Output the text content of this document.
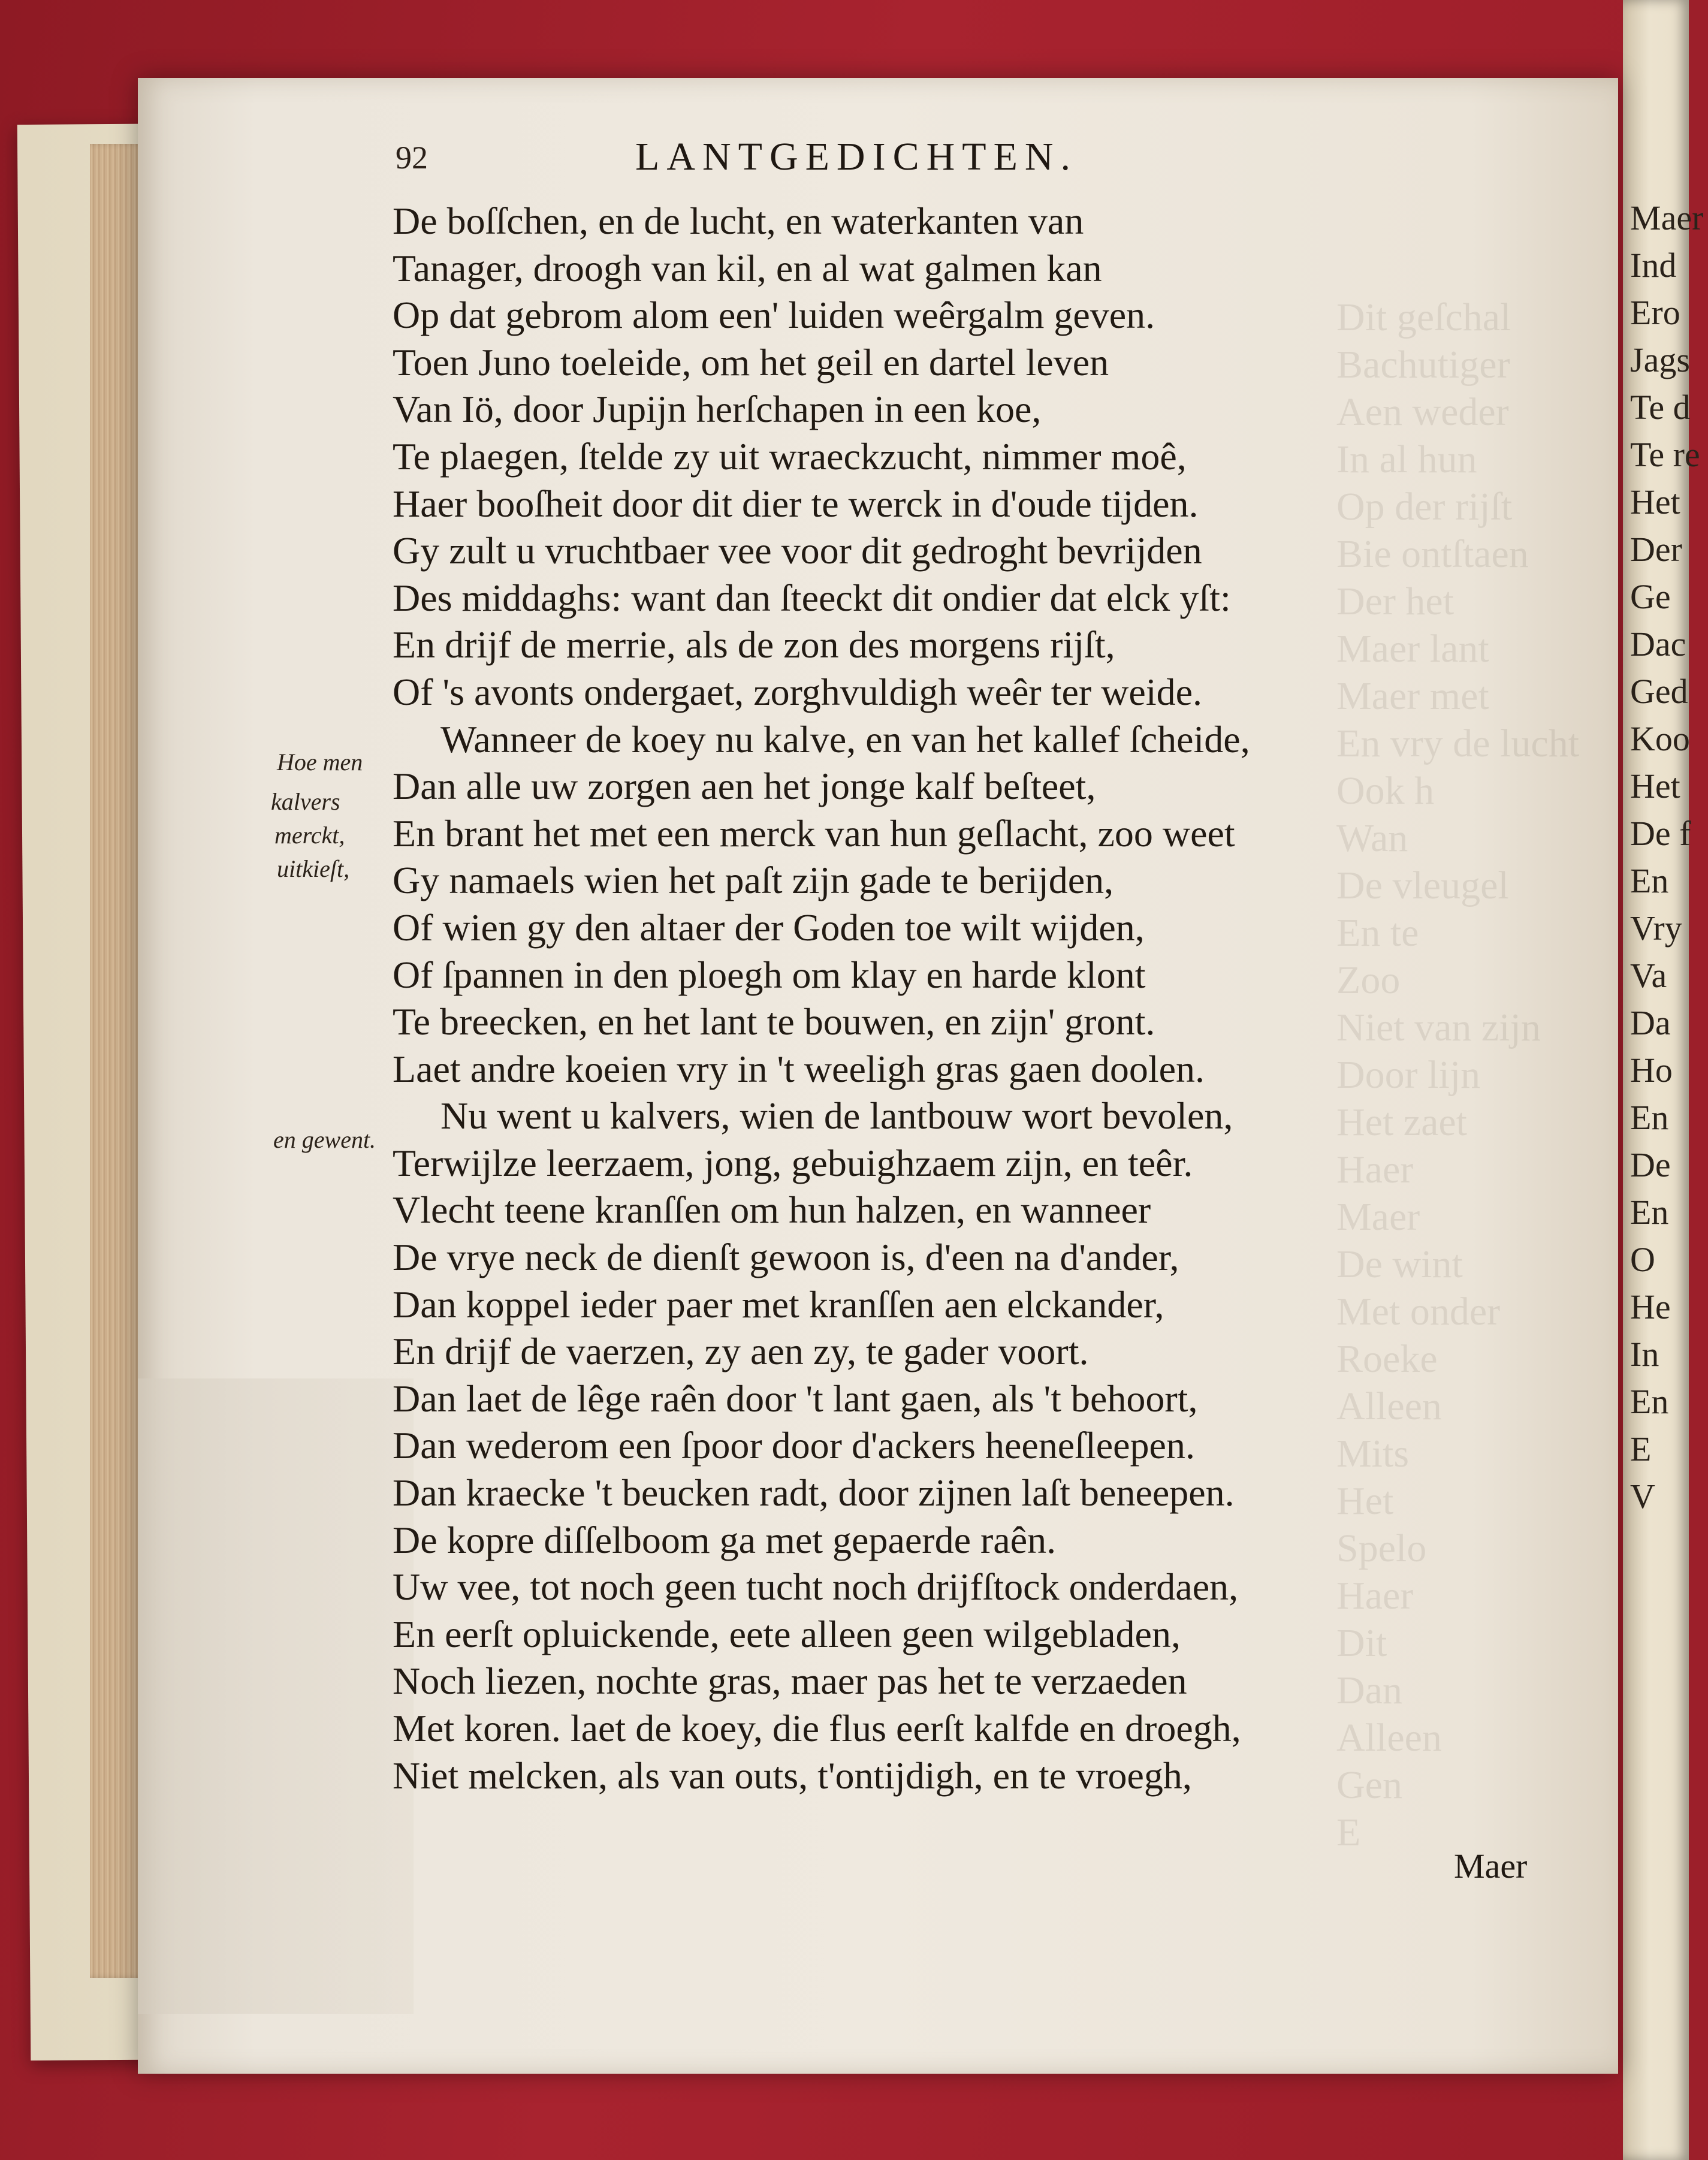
Maer
Ind
Ero
Jags
Te d
Te re
Het
Der
Ge
Dac
Ged
Koo
Het
De f
En
Vry
Va
Da
Ho
En
De
En
O
He
In
En
E
V
Dit geſchal
Bachutiger
Aen weder
In al hun
Op der rijſt
Bie ontſtaen
Der het
Maer lant
Maer met
En vry de lucht
Ook h
Wan
De vleugel
En te
Zoo
Niet van zijn
Door lijn
Het zaet
Haer
Maer
De wint
Met onder
Roeke
Alleen
Mits
Het
Spelo
Haer
Dit
Dan
Alleen
Gen
E
92	LANTGEDICHTEN.
Hoe men
kalvers
merckt,
uitkieſt,
en gewent.
De boſſchen, en de lucht, en waterkanten van
Tanager, droogh van kil, en al wat galmen kan
Op dat gebrom alom een' luiden weêrgalm geven.
Toen Juno toeleide, om het geil en dartel leven
Van Iö, door Jupijn herſchapen in een koe,
Te plaegen, ſtelde zy uit wraeckzucht, nimmer moê,
Haer booſheit door dit dier te werck in d'oude tijden.
Gy zult u vruchtbaer vee voor dit gedroght bevrijden
Des middaghs: want dan ſteeckt dit ondier dat elck yſt:
En drijf de merrie, als de zon des morgens rijſt,
Of 's avonts ondergaet, zorghvuldigh weêr ter weide.
Wanneer de koey nu kalve, en van het kallef ſcheide,
Dan alle uw zorgen aen het jonge kalf beſteet,
En brant het met een merck van hun geſlacht, zoo weet
Gy namaels wien het paſt zijn gade te berijden,
Of wien gy den altaer der Goden toe wilt wijden,
Of ſpannen in den ploegh om klay en harde klont
Te breecken, en het lant te bouwen, en zijn' gront.
Laet andre koeien vry in 't weeligh gras gaen doolen.
Nu went u kalvers, wien de lantbouw wort bevolen,
Terwijlze leerzaem, jong, gebuighzaem zijn, en teêr.
Vlecht teene kranſſen om hun halzen, en wanneer
De vrye neck de dienſt gewoon is, d'een na d'ander,
Dan koppel ieder paer met kranſſen aen elckander,
En drijf de vaerzen, zy aen zy, te gader voort.
Dan laet de lêge raên door 't lant gaen, als 't behoort,
Dan wederom een ſpoor door d'ackers heeneſleepen.
Dan kraecke 't beucken radt, door zijnen laſt beneepen.
De kopre diſſelboom ga met gepaerde raên.
Uw vee, tot noch geen tucht noch drijfſtock onderdaen,
En eerſt opluickende, eete alleen geen wilgebladen,
Noch liezen, nochte gras, maer pas het te verzaeden
Met koren. laet de koey, die flus eerſt kalfde en droegh,
Niet melcken, als van outs, t'ontijdigh, en te vroegh,
Maer
